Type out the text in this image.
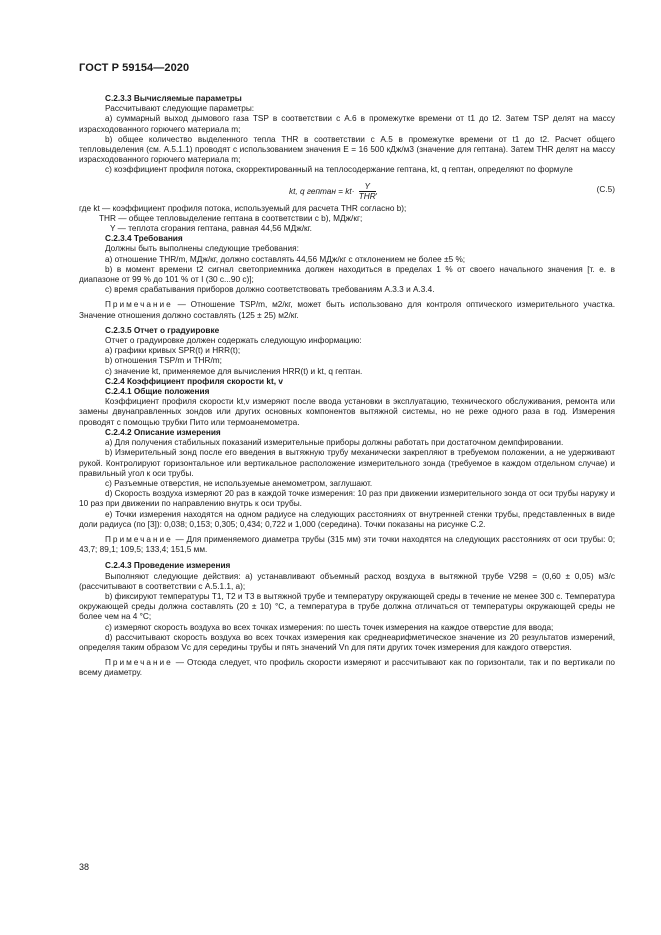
ГОСТ Р 59154—2020

С.2.3.3 Вычисляемые параметры

Рассчитывают следующие параметры:

а) суммарный выход дымового газа TSP в соответствии с А.6 в промежутке времени от t1 до t2. Затем TSP делят на массу израсходованного горючего материала m;

b) общее количество выделенного тепла THR в соответствии с А.5 в промежутке времени от t1 до t2. Расчет общего тепловыделения (см. А.5.1.1) проводят с использованием значения E = 16 500 кДж/м3 (значение для гептана). Затем THR делят на массу израсходованного горючего материала m;

с) коэффициент профиля потока, скорректированный на теплосодержание гептана, kt, q гептан, определяют по формуле

kt, q гептан = $kt\cdot \frac{Y}{\text{THR}}$ ,	(С.5)

где kt — коэффициент профиля потока, используемый для расчета THR согласно b);

THR — общее тепловыделение гептана в соответствии с b), МДж/кг;

Y — теплота сгорания гептана, равная 44,56 МДж/кг.

С.2.3.4 Требования

Должны быть выполнены следующие требования:

а) отношение THR/m, МДж/кг, должно составлять 44,56 МДж/кг с отклонением не более ±5 %;

b) в момент времени t2 сигнал светоприемника должен находиться в пределах 1 % от своего начального значения [т. е. в диапазоне от 99 % до 101 % от I (30 с...90 с)];

с) время срабатывания приборов должно соответствовать требованиям А.3.3 и А.3.4.

Примечание — Отношение TSP/m, м2/кг, может быть использовано для контроля оптического измерительного участка. Значение отношения должно составлять (125 ± 25) м2/кг.

С.2.3.5 Отчет о градуировке

Отчет о градуировке должен содержать следующую информацию:

а) графики кривых SPR(t) и HRR(t);

b) отношения TSP/m и THR/m;

с) значение kt, применяемое для вычисления HRR(t) и kt, q гептан.

С.2.4 Коэффициент профиля скорости kt, v

С.2.4.1 Общие положения

Коэффициент профиля скорости kt,v измеряют после ввода установки в эксплуатацию, технического обслуживания, ремонта или замены двунаправленных зондов или других основных компонентов вытяжной системы, но не реже одного раза в год. Измерения проводят с помощью трубки Пито или термоанемометра.

С.2.4.2 Описание измерения

а) Для получения стабильных показаний измерительные приборы должны работать при достаточном демпфировании.

b) Измерительный зонд после его введения в вытяжную трубу механически закрепляют в требуемом положении, а не удерживают рукой. Контролируют горизонтальное или вертикальное расположение измерительного зонда (требуемое в каждом отдельном случае) и правильный угол к оси трубы.

с) Разъемные отверстия, не используемые анемометром, заглушают.

d) Скорость воздуха измеряют 20 раз в каждой точке измерения: 10 раз при движении измерительного зонда от оси трубы наружу и 10 раз при движении по направлению внутрь к оси трубы.

е) Точки измерения находятся на одном радиусе на следующих расстояниях от внутренней стенки трубы, представленных в виде доли радиуса (по [3]): 0,038; 0,153; 0,305; 0,434; 0,722 и 1,000 (середина). Точки показаны на рисунке С.2.

Примечание — Для применяемого диаметра трубы (315 мм) эти точки находятся на следующих расстояниях от оси трубы: 0; 43,7; 89,1; 109,5; 133,4; 151,5 мм.

С.2.4.3 Проведение измерения

Выполняют следующие действия: а) устанавливают объемный расход воздуха в вытяжной трубе V298 = (0,60 ± 0,05) м3/с (рассчитывают в соответствии с А.5.1.1, а);

b) фиксируют температуры T1, T2 и T3 в вытяжной трубе и температуру окружающей среды в течение не менее 300 с. Температура окружающей среды должна составлять (20 ± 10) °С, а температура в трубе должна отличаться от температуры окружающей среды не более чем на 4 °С;

с) измеряют скорость воздуха во всех точках измерения: по шесть точек измерения на каждое отверстие для ввода;

d) рассчитывают скорость воздуха во всех точках измерения как среднеарифметическое значение из 20 результатов измерений, определяя таким образом Vc для середины трубы и пять значений Vn для пяти других точек измерения для каждого отверстия.

Примечание — Отсюда следует, что профиль скорости измеряют и рассчитывают как по горизонтали, так и по вертикали по всему диаметру.

38
